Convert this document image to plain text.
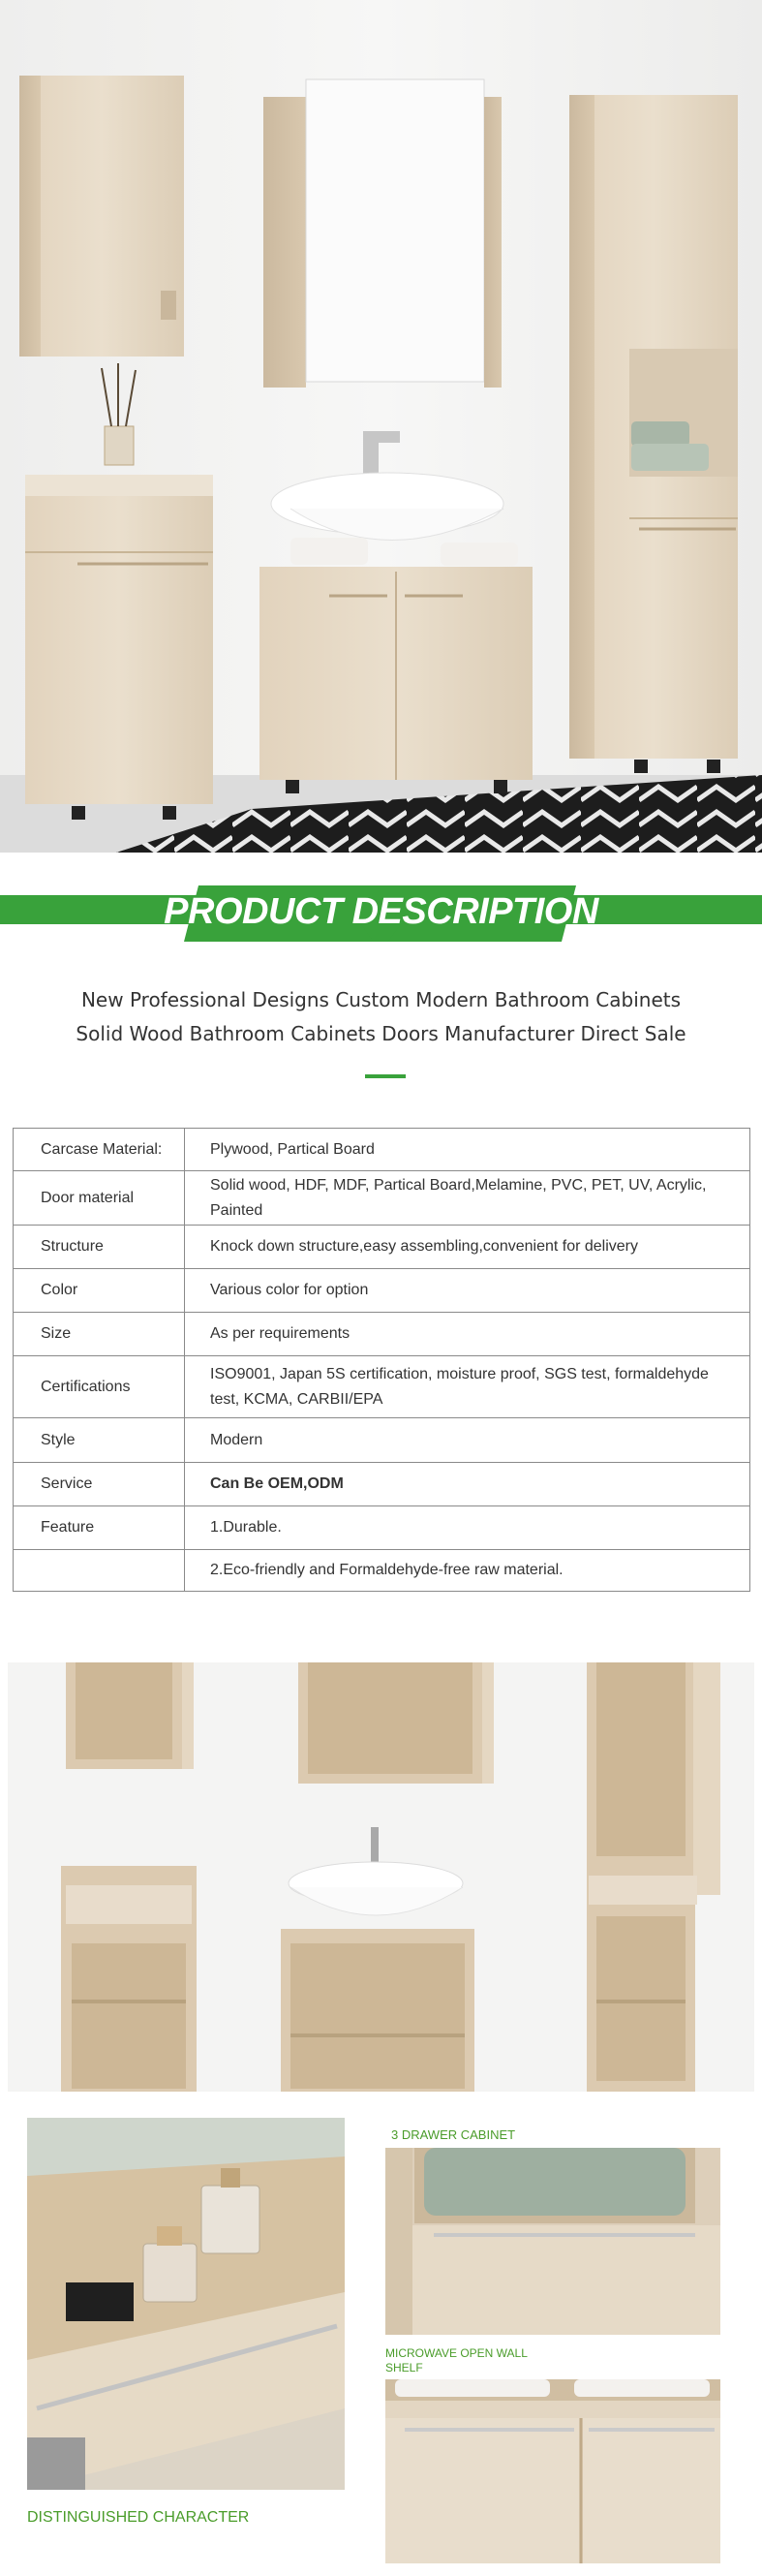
PRODUCT DESCRIPTION
New Professional Designs Custom Modern Bathroom Cabinets
Solid Wood Bathroom Cabinets Doors Manufacturer Direct Sale
Carcase Material:	Plywood, Partical Board
Door material	Solid wood, HDF, MDF, Partical Board,Melamine, PVC, PET, UV, Acrylic, Painted
Structure	Knock down structure,easy assembling,convenient for delivery
Color	Various color for option
Size	As per requirements
Certifications	ISO9001, Japan 5S certification, moisture proof, SGS test, formaldehyde test, KCMA, CARBII/EPA
Style	Modern
Service	Can Be OEM,ODM
Feature	1.Durable.
	2.Eco-friendly and Formaldehyde-free raw material.
3 DRAWER CABINET
MICROWAVE OPEN WALL
SHELF
DISTINGUISHED CHARACTER
